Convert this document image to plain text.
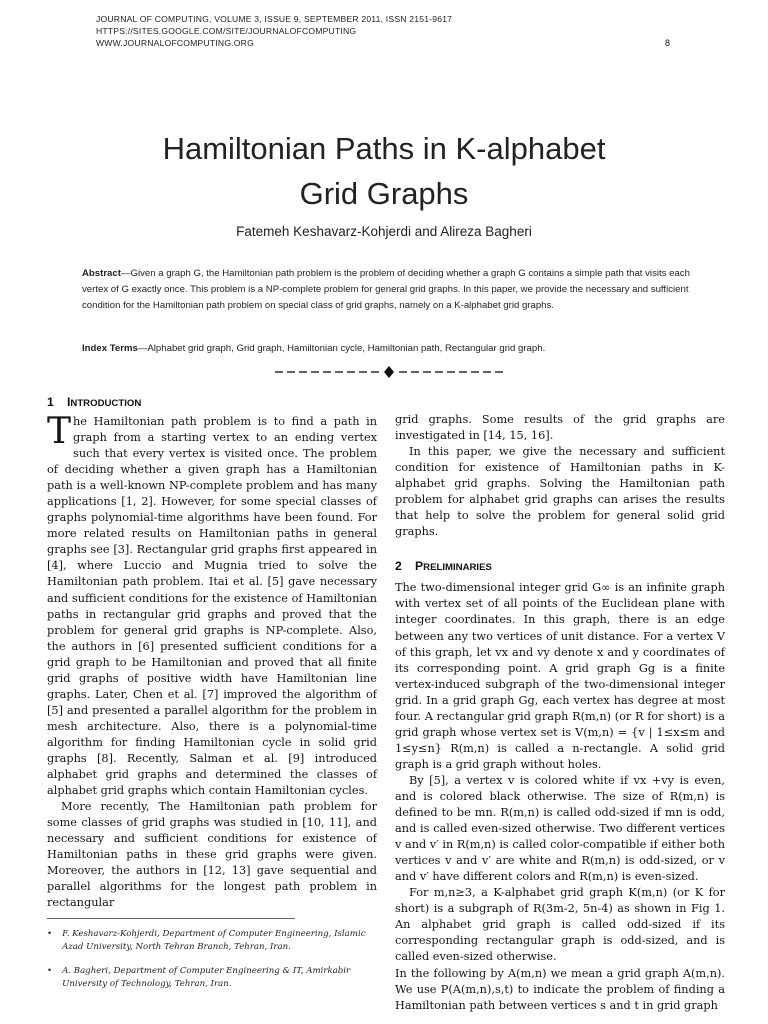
JOURNAL OF COMPUTING, VOLUME 3, ISSUE 9, SEPTEMBER 2011, ISSN 2151-9617
HTTPS://SITES.GOOGLE.COM/SITE/JOURNALOFCOMPUTING
WWW.JOURNALOFCOMPUTING.ORG	8
Hamiltonian Paths in K-alphabet
Grid Graphs
Fatemeh Keshavarz-Kohjerdi and Alireza Bagheri

Abstract—Given a graph G, the Hamiltonian path problem is the problem of deciding whether a graph G contains a simple path that visits each vertex of G exactly once. This problem is a NP-complete problem for general grid graphs. In this paper, we provide the necessary and sufficient condition for the Hamiltonian path problem on special class of grid graphs, namely on a K-alphabet grid graphs.

Index Terms—Alphabet grid graph, Grid graph, Hamiltonian cycle, Hamiltonian path, Rectangular grid graph.

1 INTRODUCTION

The Hamiltonian path problem is to find a path in graph from a starting vertex to an ending vertex such that every vertex is visited once. The problem of deciding whether a given graph has a Hamiltonian path is a well-known NP-complete problem and has many applications [1, 2]. However, for some special classes of graphs polynomial-time algorithms have been found. For more related results on Hamiltonian paths in general graphs see [3]. Rectangular grid graphs first appeared in [4], where Luccio and Mugnia tried to solve the Hamiltonian path problem. Itai et al. [5] gave necessary and sufficient conditions for the existence of Hamiltonian paths in rectangular grid graphs and proved that the problem for general grid graphs is NP-complete. Also, the authors in [6] presented sufficient conditions for a grid graph to be Hamiltonian and proved that all finite grid graphs of positive width have Hamiltonian line graphs. Later, Chen et al. [7] improved the algorithm of [5] and presented a parallel algorithm for the problem in mesh architecture. Also, there is a polynomial-time algorithm for finding Hamiltonian cycle in solid grid graphs [8]. Recently, Salman et al. [9] introduced alphabet grid graphs and determined the classes of alphabet grid graphs which contain Hamiltonian cycles.

More recently, The Hamiltonian path problem for some classes of grid graphs was studied in [10, 11], and necessary and sufficient conditions for existence of Hamiltonian paths in these grid graphs were given. Moreover, the authors in [12, 13] gave sequential and parallel algorithms for the longest path problem in rectangular

grid graphs. Some results of the grid graphs are investigated in [14, 15, 16].

In this paper, we give the necessary and sufficient condition for existence of Hamiltonian paths in K-alphabet grid graphs. Solving the Hamiltonian path problem for alphabet grid graphs can arises the results that help to solve the problem for general solid grid graphs.

2 PRELIMINARIES

The two-dimensional integer grid G∞ is an infinite graph with vertex set of all points of the Euclidean plane with integer coordinates. In this graph, there is an edge between any two vertices of unit distance. For a vertex V of this graph, let vx and vy denote x and y coordinates of its corresponding point. A grid graph Gg is a finite vertex-induced subgraph of the two-dimensional integer grid. In a grid graph Gg, each vertex has degree at most four. A rectangular grid graph R(m,n) (or R for short) is a grid graph whose vertex set is V(m,n) = {v | 1≤x≤m and 1≤y≤n} R(m,n) is called a n-rectangle. A solid grid graph is a grid graph without holes.

By [5], a vertex v is colored white if vx +vy is even, and is colored black otherwise. The size of R(m,n) is defined to be mn. R(m,n) is called odd-sized if mn is odd, and is called even-sized otherwise. Two different vertices v and v′ in R(m,n) is called color-compatible if either both vertices v and v′ are white and R(m,n) is odd-sized, or v and v′ have different colors and R(m,n) is even-sized.

For m,n≥3, a K-alphabet grid graph K(m,n) (or K for short) is a subgraph of R(3m-2, 5n-4) as shown in Fig 1. An alphabet grid graph is called odd-sized if its corresponding rectangular graph is odd-sized, and is called even-sized otherwise.

In the following by A(m,n) we mean a grid graph A(m,n). We use P(A(m,n),s,t) to indicate the problem of finding a Hamiltonian path between vertices s and t in grid graph

• F. Keshavarz-Kohjerdi, Department of Computer Engineering, Islamic Azad University, North Tehran Branch, Tehran, Iran.
• A. Bagheri, Department of Computer Engineering & IT, Amirkabir University of Technology, Tehran, Iran.
